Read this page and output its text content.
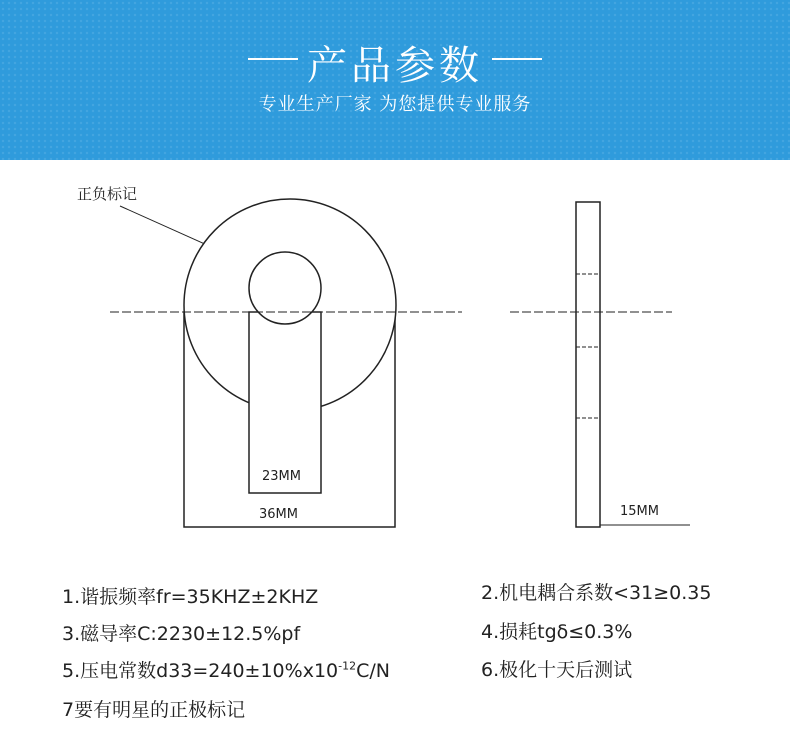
产品参数
专业生产厂家 为您提供专业服务
正负标记
23MM
36MM	15MM
1.谐振频率fr=35KHZ±2KHZ	2.机电耦合系数<31≥0.35
3.磁导率C:2230±12.5%pf	4.损耗tgδ≤0.3%
5.压电常数$d33=240\pm 10\%x10^{-12}C/N$	6.极化十天后测试
7要有明星的正极标记
